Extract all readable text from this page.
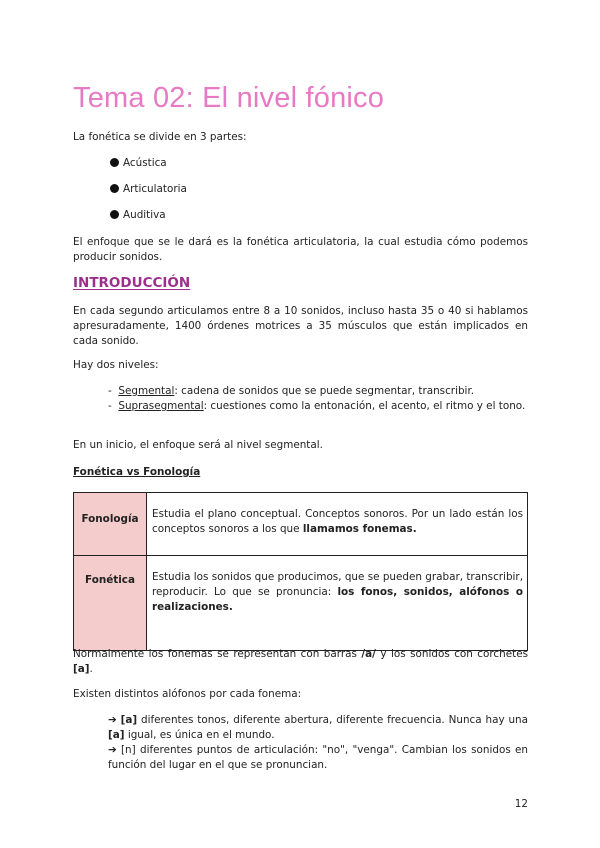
Tema 02: El nivel fónico

La fonética se divide en 3 partes:

Acústica

Articulatoria

Auditiva

El enfoque que se le dará es la fonética articulatoria, la cual estudia cómo podemos producir sonidos.

INTRODUCCIÓN

En cada segundo articulamos entre 8 a 10 sonidos, incluso hasta 35 o 40 si hablamos apresuradamente, 1400 órdenes motrices a 35 músculos que están implicados en cada sonido.

Hay dos niveles:

-  Segmental: cadena de sonidos que se puede segmentar, transcribir.

-  Suprasegmental: cuestiones como la entonación, el acento, el ritmo y el tono.

En un inicio, el enfoque será al nivel segmental.

Fonética vs Fonología
Fonología	Estudia el plano conceptual. Conceptos sonoros. Por un lado están los conceptos sonoros a los que llamamos fonemas.
Fonética	Estudia los sonidos que producimos, que se pueden grabar, transcribir, reproducir. Lo que se pronuncia: los fonos, sonidos, alófonos o realizaciones.

Normalmente los fonemas se representan con barras /a/ y los sonidos con corchetes [a].

Existen distintos alófonos por cada fonema:

➔ [a] diferentes tonos, diferente abertura, diferente frecuencia. Nunca hay una [a] igual, es única en el mundo.

➔ [n] diferentes puntos de articulación: "no", "venga". Cambian los sonidos en función del lugar en el que se pronuncian.

12
